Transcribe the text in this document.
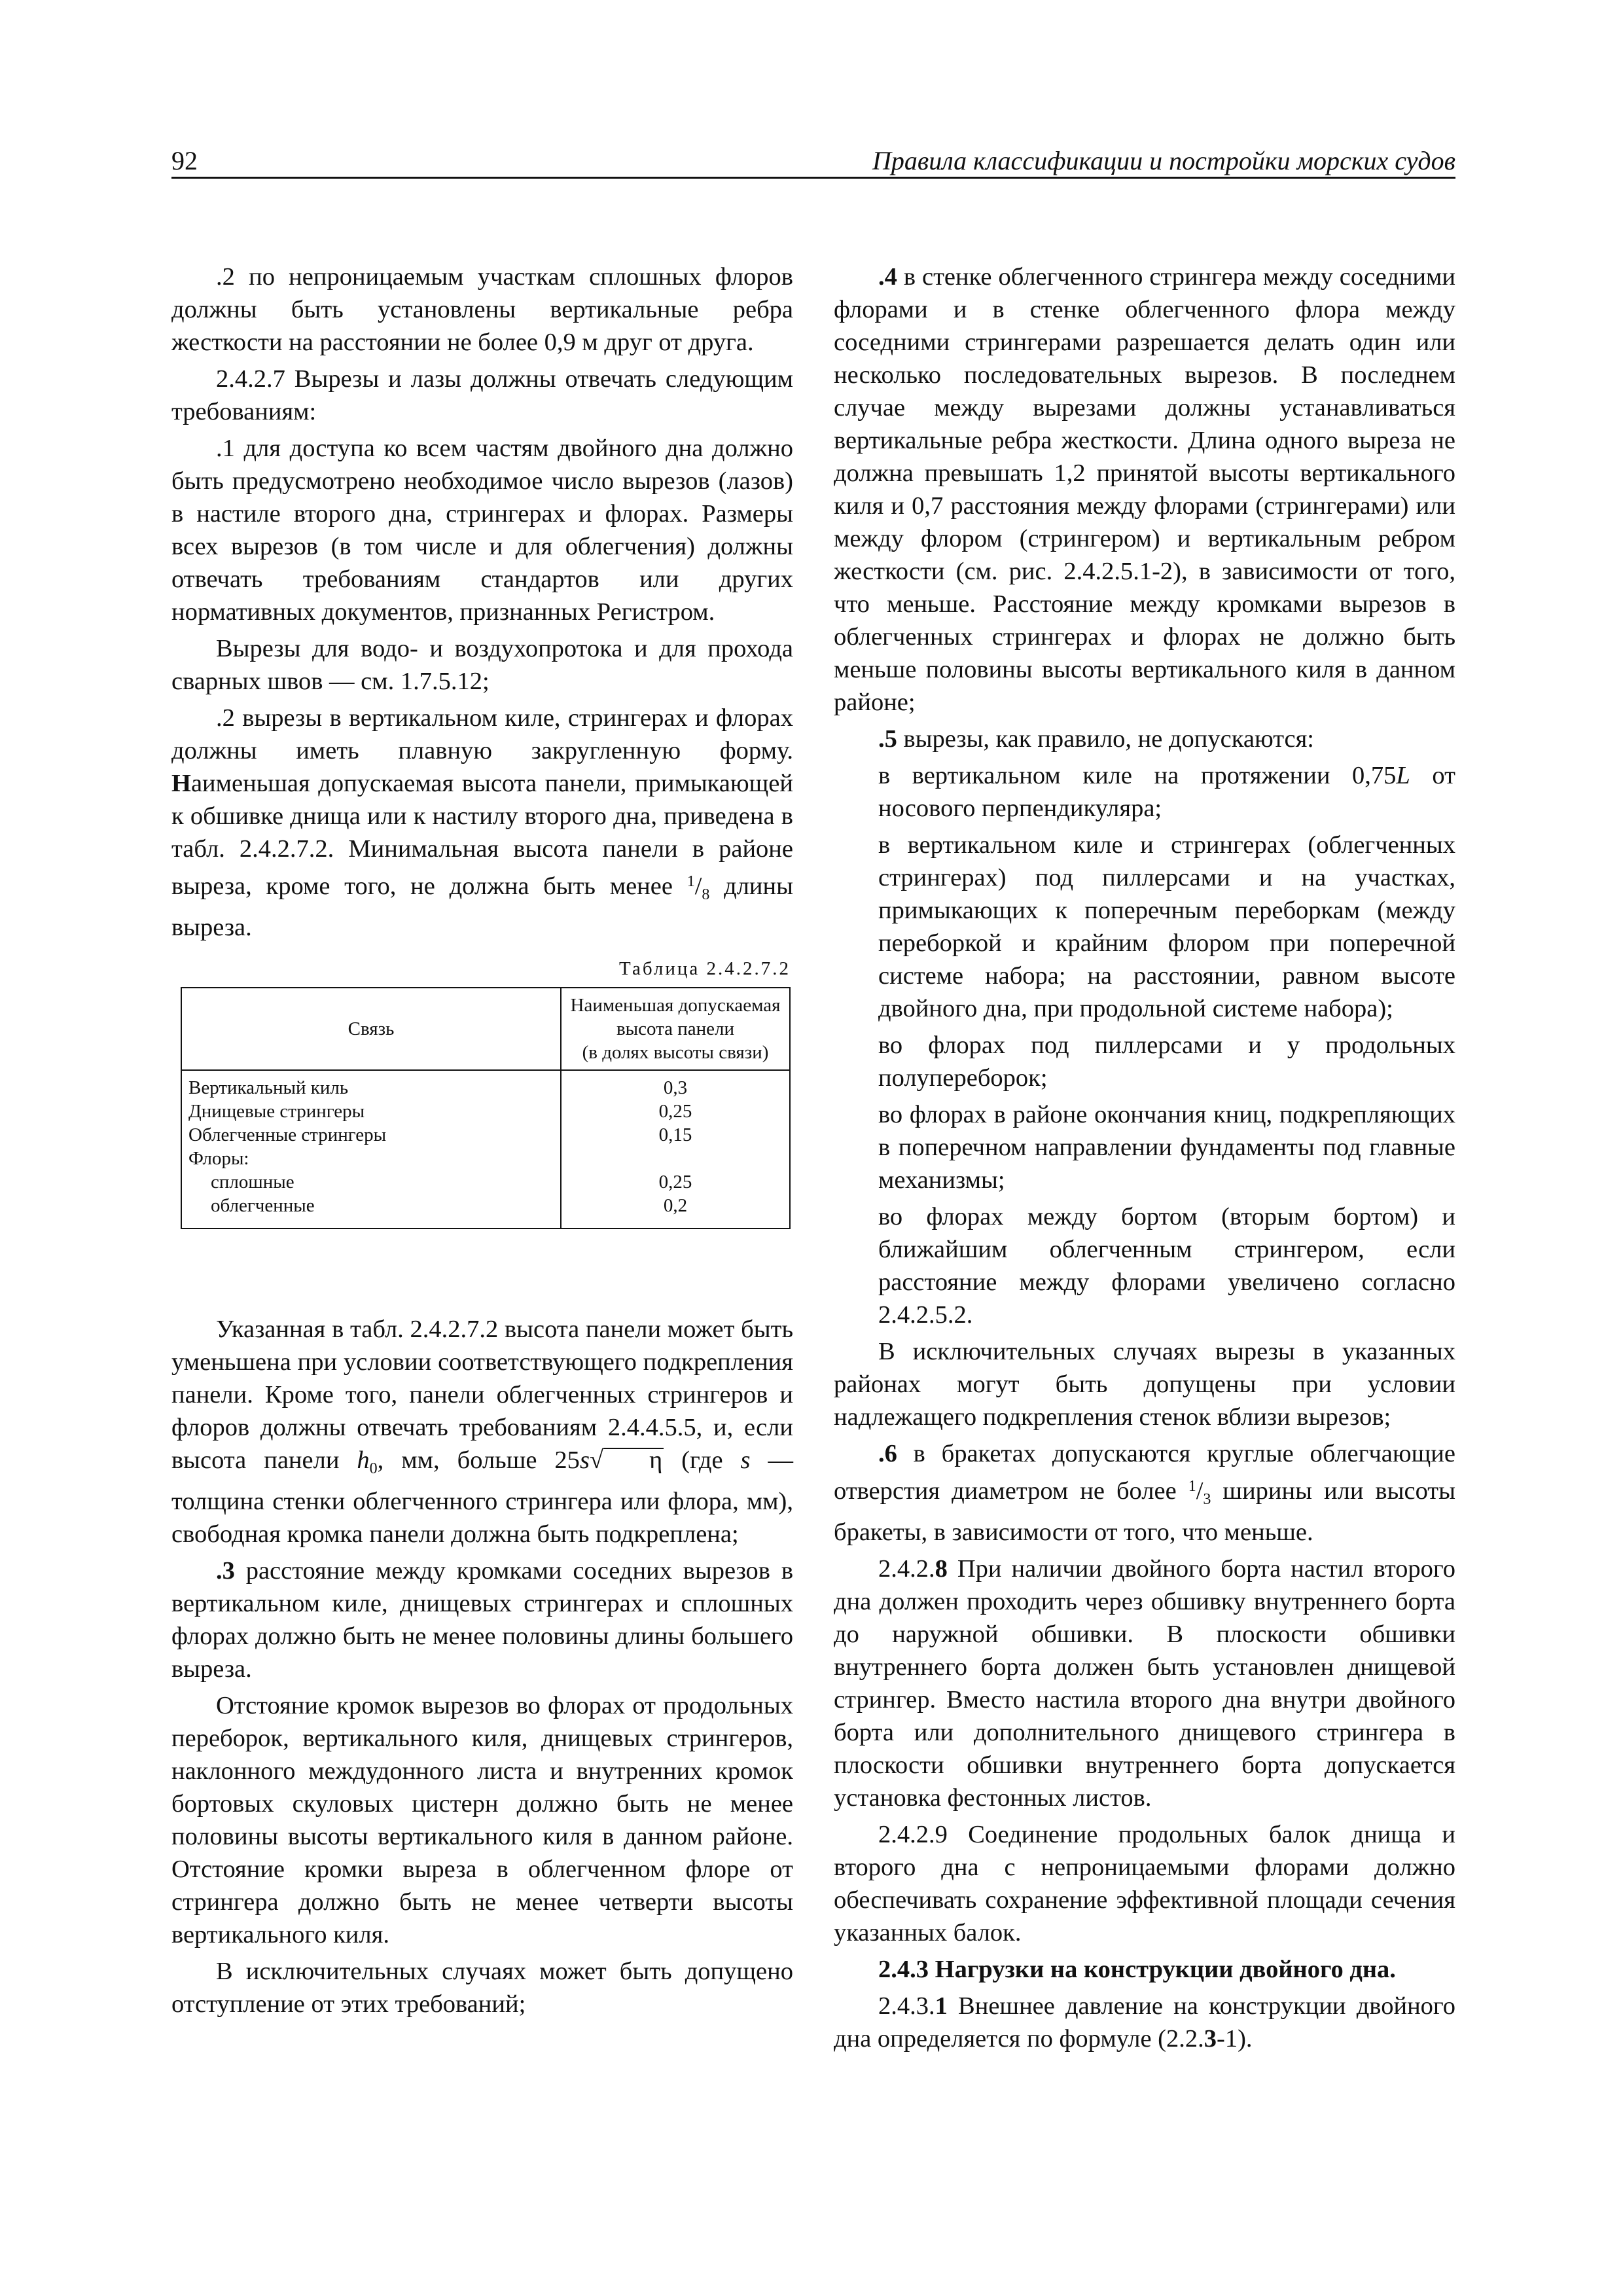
92	Правила классификации и постройки морских судов

.2 по непроницаемым участкам сплошных флоров должны быть установлены вертикальные ребра жесткости на расстоянии не более 0,9 м друг от друга.

2.4.2.7 Вырезы и лазы должны отвечать следующим требованиям:

.1 для доступа ко всем частям двойного дна должно быть предусмотрено необходимое число вырезов (лазов) в настиле второго дна, стрингерах и флорах. Размеры всех вырезов (в том числе и для облегчения) должны отвечать требованиям стандартов или других нормативных документов, признанных Регистром.

Вырезы для водо- и воздухопротока и для прохода сварных швов — см. 1.7.5.12;

.2 вырезы в вертикальном киле, стрингерах и флорах должны иметь плавную закругленную форму. Наименьшая допускаемая высота панели, примыкающей к обшивке днища или к настилу второго дна, приведена в табл. 2.4.2.7.2. Минимальная высота панели в районе выреза, кроме того, не должна быть менее $^1/_8$ длины выреза.

Таблица 2.4.2.7.2
Связь	Наименьшая допускаемая
высота панели
(в долях высоты связи)

Вертикальный киль	0,3
Днищевые стрингеры	0,25
Облегченные стрингеры	0,15
Флоры:	
сплошные	0,25
облегченные	0,2

Указанная в табл. 2.4.2.7.2 высота панели может быть уменьшена при условии соответствующего подкрепления панели. Кроме того, панели облегченных стрингеров и флоров должны отвечать требованиям 2.4.4.5.5, и, если высота панели $h_0$, мм, больше 25s√ η (где s — толщина стенки облегченного стрингера или флора, мм), свободная кромка панели должна быть подкреплена;

.3 расстояние между кромками соседних вырезов в вертикальном киле, днищевых стрингерах и сплошных флорах должно быть не менее половины длины большего выреза.

Отстояние кромок вырезов во флорах от продольных переборок, вертикального киля, днищевых стрингеров, наклонного междудонного листа и внутренних кромок бортовых скуловых цистерн должно быть не менее половины высоты вертикального киля в данном районе. Отстояние кромки выреза в облегченном флоре от стрингера должно быть не менее четверти высоты вертикального киля.

В исключительных случаях может быть допущено отступление от этих требований;

.4 в стенке облегченного стрингера между соседними флорами и в стенке облегченного флора между соседними стрингерами разрешается делать один или несколько последовательных вырезов. В последнем случае между вырезами должны устанавливаться вертикальные ребра жесткости. Длина одного выреза не должна превышать 1,2 принятой высоты вертикального киля и 0,7 расстояния между флорами (стрингерами) или между флором (стрингером) и вертикальным ребром жесткости (см. рис. 2.4.2.5.1-2), в зависимости от того, что меньше. Расстояние между кромками вырезов в облегченных стрингерах и флорах не должно быть меньше половины высоты вертикального киля в данном районе;

.5 вырезы, как правило, не допускаются:

в вертикальном киле на протяжении 0,75L от носового перпендикуляра;

в вертикальном киле и стрингерах (облегченных стрингерах) под пиллерсами и на участках, примыкающих к поперечным переборкам (между переборкой и крайним флором при поперечной системе набора; на расстоянии, равном высоте двойного дна, при продольной системе набора);

во флорах под пиллерсами и у продольных полупереборок;

во флорах в районе окончания книц, подкрепляющих в поперечном направлении фундаменты под главные механизмы;

во флорах между бортом (вторым бортом) и ближайшим облегченным стрингером, если расстояние между флорами увеличено согласно 2.4.2.5.2.

В исключительных случаях вырезы в указанных районах могут быть допущены при условии надлежащего подкрепления стенок вблизи вырезов;

.6 в бракетах допускаются круглые облегчающие отверстия диаметром не более $^1/_3$ ширины или высоты бракеты, в зависимости от того, что меньше.

2.4.2.8 При наличии двойного борта настил второго дна должен проходить через обшивку внутреннего борта до наружной обшивки. В плоскости обшивки внутреннего борта должен быть установлен днищевой стрингер. Вместо настила второго дна внутри двойного борта или дополнительного днищевого стрингера в плоскости обшивки внутреннего борта допускается установка фестонных листов.

2.4.2.9 Соединение продольных балок днища и второго дна с непроницаемыми флорами должно обеспечивать сохранение эффективной площади сечения указанных балок.

2.4.3 Нагрузки на конструкции двойного дна.

2.4.3.1 Внешнее давление на конструкции двойного дна определяется по формуле (2.2.3-1).
